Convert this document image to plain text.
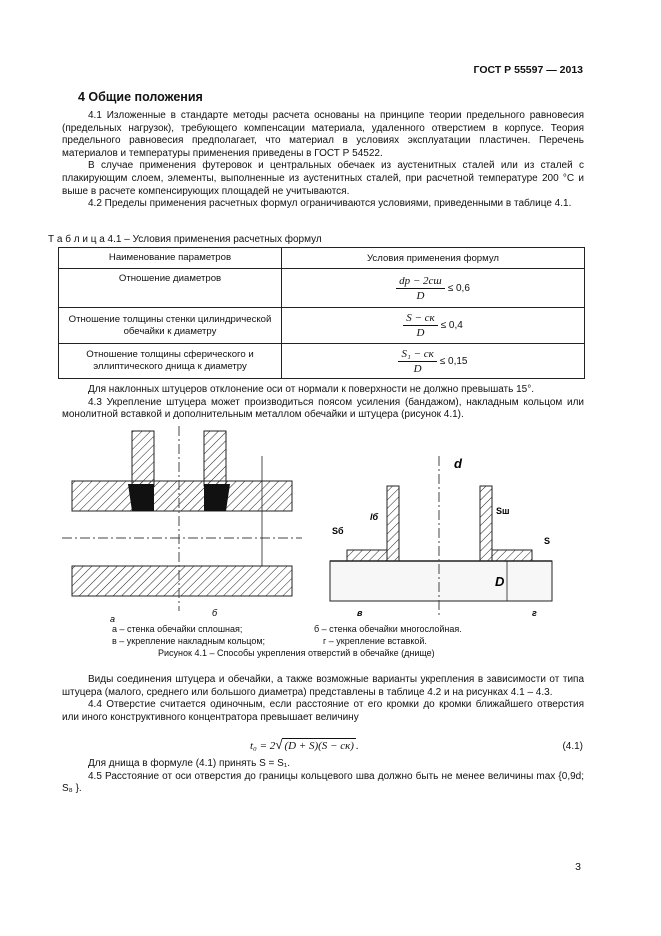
ГОСТ Р 55597 — 2013
4 Общие положения

4.1 Изложенные в стандарте методы расчета основаны на принципе теории предельного равновесия (предельных нагрузок), требующего компенсации материала, удаленного отверстием в корпусе. Теория предельного равновесия предполагает, что материал в условиях эксплуатации пластичен. Перечень материалов и температуры применения приведены в ГОСТ Р 54522.

В случае применения футеровок и центральных обечаек из аустенитных сталей или из сталей с плакирующим слоем, элементы, выполненные из аустенитных сталей, при расчетной температуре 200 °С и выше в расчете компенсирующих площадей не учитываются.

4.2 Пределы применения расчетных формул ограничиваются условиями, приведенными в таблице 4.1.

Т а б л и ц а 4.1 – Условия применения расчетных формул
Наименование параметров	Условия применения формул
Отношение диаметров	$\frac{dр - 2cш}{D} \le 0,6$

Отношение толщины стенки цилиндрической обечайки к диаметру	$\frac{S - cк}{D} \le 0,4$

Отношение толщины сферического и эллиптического днища к диаметру	$\frac{\text{S₁ − cк}}{D} \le 0,15$

Для наклонных штуцеров отклонение оси от нормали к поверхности не должно превышать 15°.

4.3 Укрепление штуцера может производиться поясом усиления (бандажом), накладным кольцом или монолитной вставкой и дополнительным металлом обечайки и штуцера (рисунок 4.1).

а
б
d
D
S
Sш
Sб
lб
в	г
а – стенка обечайки сплошная;	б – стенка обечайки многослойная.
в – укрепление накладным кольцом;	г – укрепление вставкой.
Рисунок 4.1 – Способы укрепления отверстий в обечайке (днище)

Виды соединения штуцера и обечайки, а также возможные варианты укрепления в зависимости от типа штуцера (малого, среднего или большого диаметра) представлены в таблице 4.2 и на рисунках 4.1 – 4.3.

4.4 Отверстие считается одиночным, если расстояние от его кромки до кромки ближайшего отверстия или иного конструктивного концентратора превышает величину

t₀ = 2√ (D + S)(S − cк) .	(4.1)

Для днища в формуле (4.1) принять S = S₁.

4.5 Расстояние от оси отверстия до границы кольцевого шва должно быть не менее величины max {0,9d; S₈ }.

3
